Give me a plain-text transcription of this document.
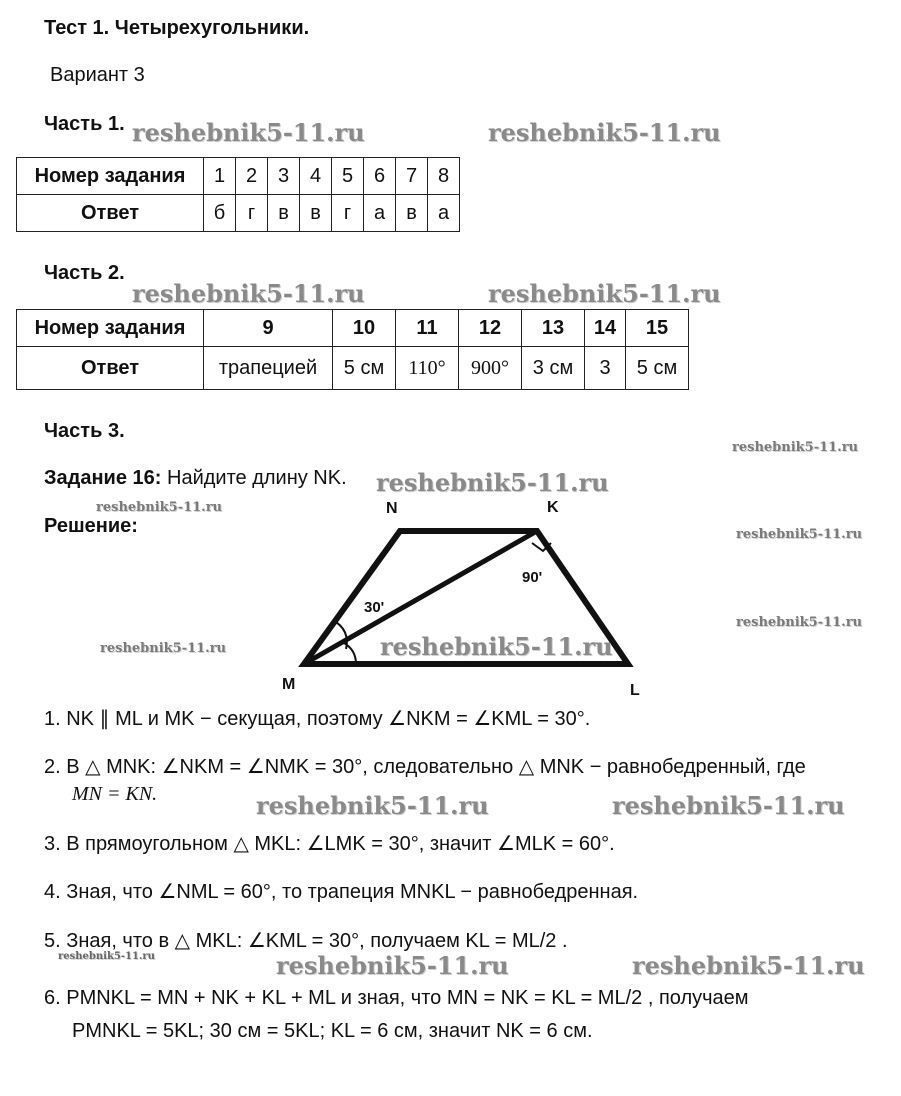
Тест 1. Четырехугольники.
Вариант 3
Часть 1. reshebnik5-11.ru	reshebnik5-11.ru
Номер задания	1	2	3	4	5	6	7	8
Ответ	б	г	в	в	г	а	в	а
Часть 2.
reshebnik5-11.ru	reshebnik5-11.ru
Номер задания	9	10	11	12	13	14	15
Ответ	трапецией	5 см	110°	900°	3 см	3	5 см
Часть 3.
reshebnik5-11.ru
Задание 16: Найдите длину NK. reshebnik5-11.ru
reshebnik5-11.ru
Решение:	reshebnik5-11.ru
reshebnik5-11.ru
reshebnik5-11.ru
N	K
M	L
30'
90'
reshebnik5-11.ru
1. NK ∥ ML и MK − секущая, поэтому ∠NKM = ∠KML = 30°.
2. В △ MNK: ∠NKM = ∠NMK = 30°, следовательно △ MNK − равнобедренный, где
MN = KN.	reshebnik5-11.ru	reshebnik5-11.ru
3. В прямоугольном △ MKL: ∠LMK = 30°, значит ∠MLK = 60°.
4. Зная, что ∠NML = 60°, то трапеция MNKL − равнобедренная.
5. Зная, что в △ MKL: ∠KML = 30°, получаем KL = ML/2 .
reshebnik5-11.ru	reshebnik5-11.ru	reshebnik5-11.ru
6. PMNKL = MN + NK + KL + ML и зная, что MN = NK = KL = ML/2 , получаем
PMNKL = 5KL; 30 см = 5KL; KL = 6 см, значит NK = 6 см.
